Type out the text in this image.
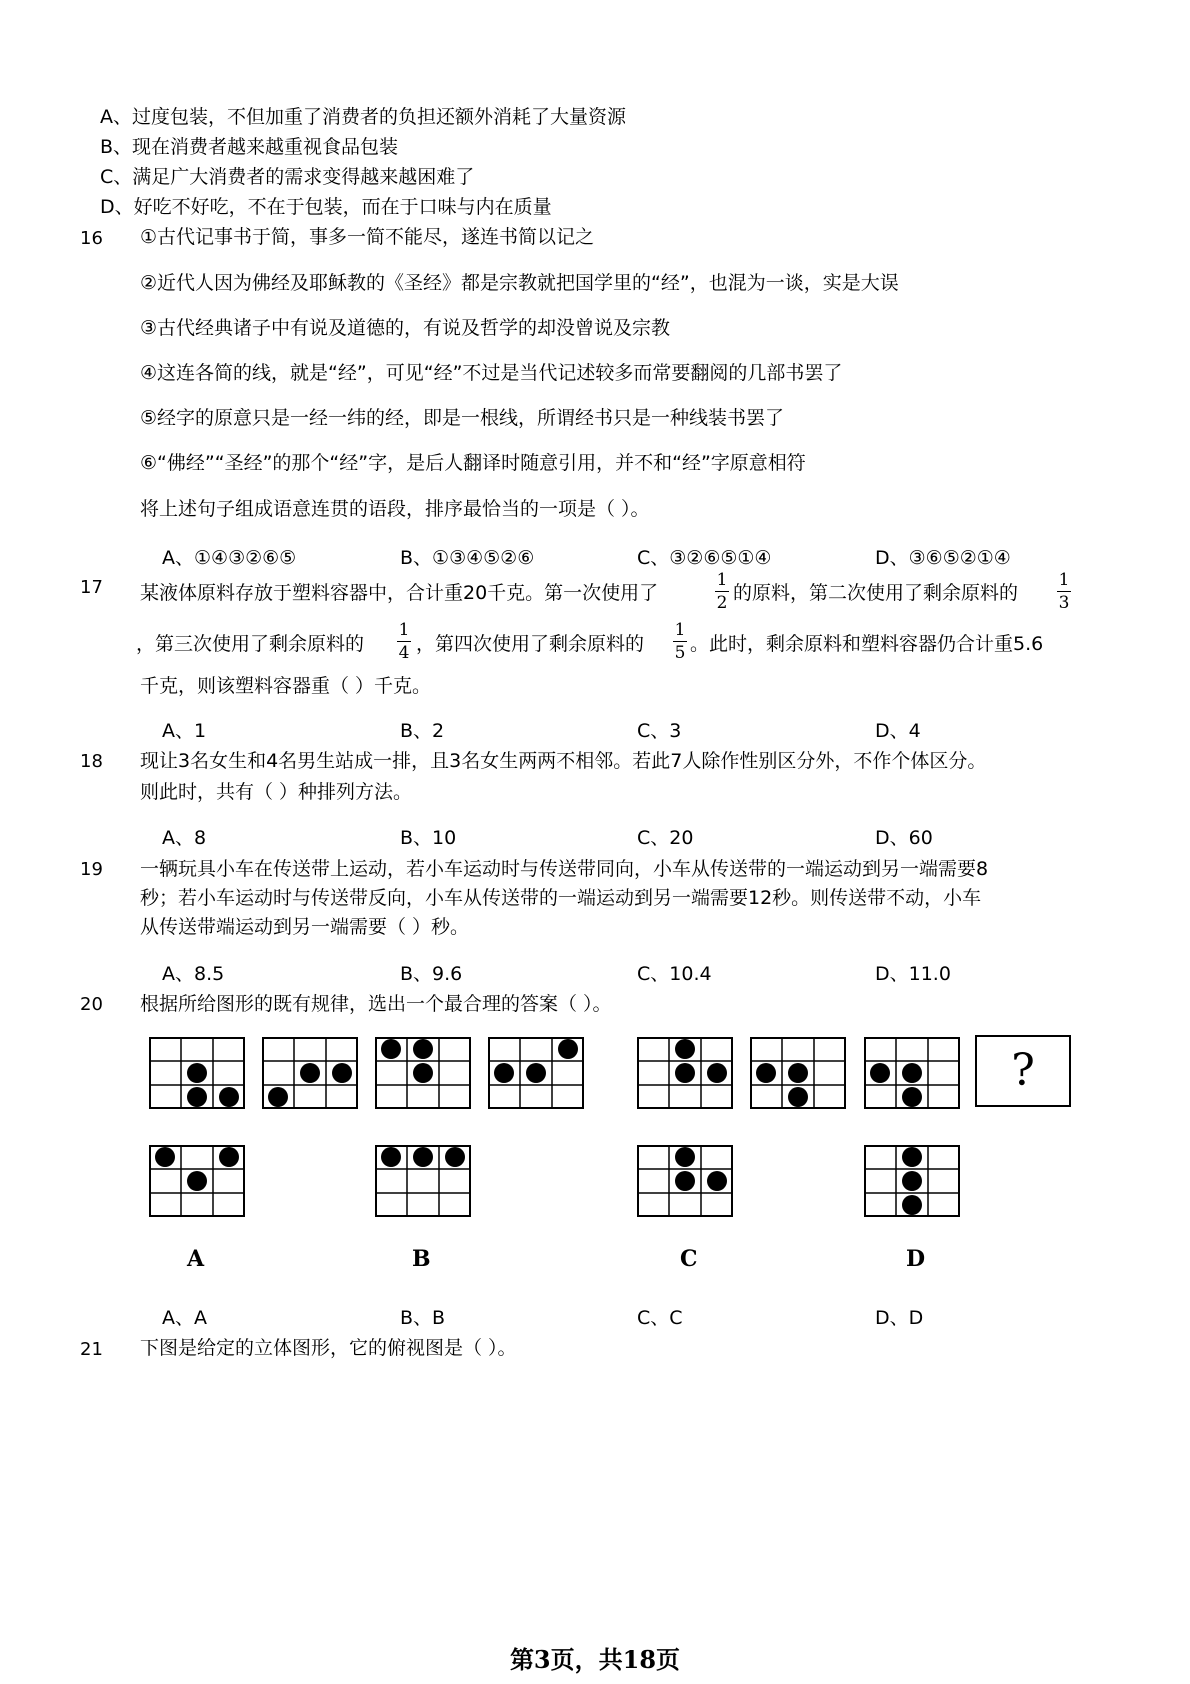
A、过度包装，不但加重了消费者的负担还额外消耗了大量资源
B、现在消费者越来越重视食品包装
C、满足广大消费者的需求变得越来越困难了
D、好吃不好吃，不在于包装，而在于口味与内在质量
16 ①古代记事书于简，事多一简不能尽，遂连书简以记之
②近代人因为佛经及耶稣教的《圣经》都是宗教就把国学里的“经”，也混为一谈，实是大误
③古代经典诸子中有说及道德的，有说及哲学的却没曾说及宗教
④这连各简的线，就是“经”，可见“经”不过是当代记述较多而常要翻阅的几部书罢了
⑤经字的原意只是一经一纬的经，即是一根线，所谓经书只是一种线装书罢了
⑥“佛经”“圣经”的那个“经”字，是后人翻译时随意引用，并不和“经”字原意相符
将上述句子组成语意连贯的语段，排序最恰当的一项是（ ）。
A、①④③②⑥⑤	B、①③④⑤②⑥	C、③②⑥⑤①④	D、③⑥⑤②①④
17 某液体原料存放于塑料容器中，合计重20千克。第一次使用了
1
2 的原料，第二次使用了剩余原料的
1
3
，第三次使用了剩余原料的
1
4 ，第四次使用了剩余原料的
1
5 。此时，剩余原料和塑料容器仍合计重5.6
千克，则该塑料容器重（ ）千克。
A、1	B、2	C、3	D、4
18 现让3名女生和4名男生站成一排，且3名女生两两不相邻。若此7人除作性别区分外，不作个体区分。
则此时，共有（ ）种排列方法。
A、8	B、10	C、20	D、60
19 一辆玩具小车在传送带上运动，若小车运动时与传送带同向，小车从传送带的一端运动到另一端需要8
秒；若小车运动时与传送带反向，小车从传送带的一端运动到另一端需要12秒。则传送带不动，小车
从传送带端运动到另一端需要（ ）秒。
A、8.5	B、9.6	C、10.4	D、11.0
20 根据所给图形的既有规律，选出一个最合理的答案（ ）。
?
A	B	C	D
A、A	B、B	C、C	D、D
21 下图是给定的立体图形，它的俯视图是（ ）。
第3页，共18页
